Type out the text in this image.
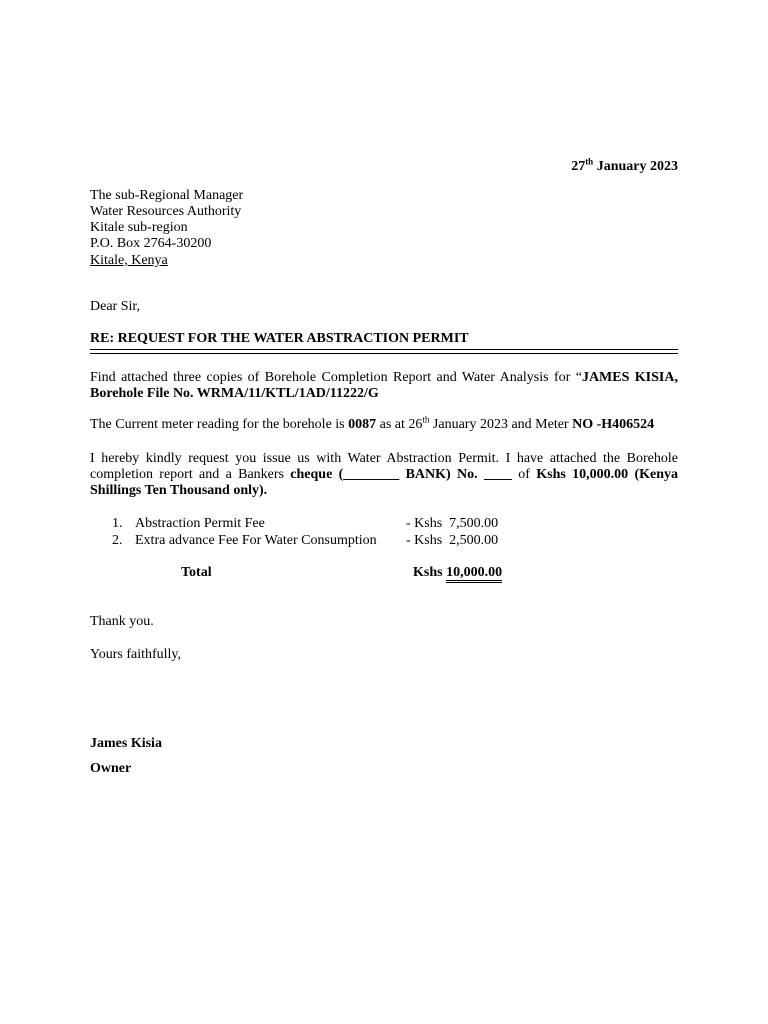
27th January 2023
The sub-Regional Manager
Water Resources Authority
Kitale sub-region
P.O. Box 2764-30200
Kitale, Kenya
Dear Sir,
RE: REQUEST FOR THE WATER ABSTRACTION PERMIT
Find attached three copies of Borehole Completion Report and Water Analysis for “JAMES KISIA,
Borehole File No. WRMA/11/KTL/1AD/11222/G
The Current meter reading for the borehole is 0087 as at 26th January 2023 and Meter NO -H406524
I hereby kindly request you issue us with Water Abstraction Permit. I have attached the Borehole
completion report and a Bankers cheque (________ BANK) No. ____ of Kshs 10,000.00 (Kenya
Shillings Ten Thousand only).
1. Abstraction Permit Fee	- Kshs  7,500.00
2. Extra advance Fee For Water Consumption - Kshs  2,500.00
Total	Kshs 10,000.00
Thank you.
Yours faithfully,
James Kisia
Owner
